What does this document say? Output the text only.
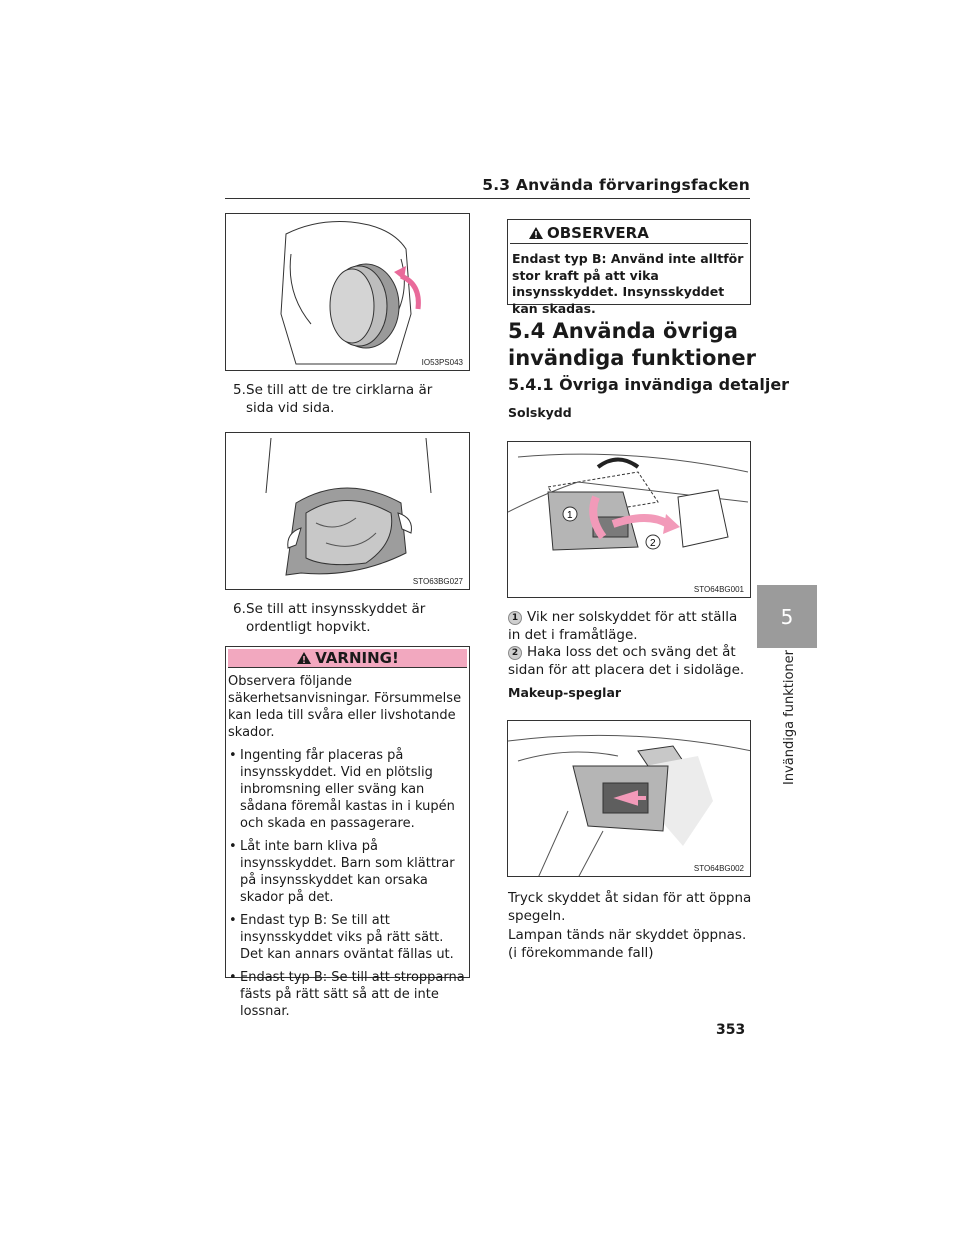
5.3 Använda förvaringsfacken
IO53PS043
5. Se till att de tre cirklarna är sida vid sida.
STO63BG027
6. Se till att insynsskyddet är ordentligt hopvikt.
VARNING!
Observera följande säkerhetsanvisningar. Försummelse kan leda till svåra eller livshotande skador.
• Ingenting får placeras på insynsskyddet. Vid en plötslig inbromsning eller sväng kan sådana föremål kastas in i kupén och skada en passagerare.
• Låt inte barn kliva på insynsskyddet. Barn som klättrar på insynsskyddet kan orsaka skador på det.
• Endast typ B: Se till att insynsskyddet viks på rätt sätt. Det kan annars oväntat fällas ut.
• Endast typ B: Se till att stropparna fästs på rätt sätt så att de inte lossnar.
OBSERVERA
Endast typ B: Använd inte alltför stor kraft på att vika insynsskyddet. Insynsskyddet kan skadas.
5.4 Använda övriga invändiga funktioner
5.4.1 Övriga invändiga detaljer
Solskydd
1
2
STO64BG001
1 Vik ner solskyddet för att ställa in det i framåtläge.
2 Haka loss det och sväng det åt sidan för att placera det i sidoläge.
Makeup-speglar
STO64BG002
Tryck skyddet åt sidan för att öppna spegeln.
Lampan tänds när skyddet öppnas. (i förekommande fall)
5
Invändiga funktioner
353
